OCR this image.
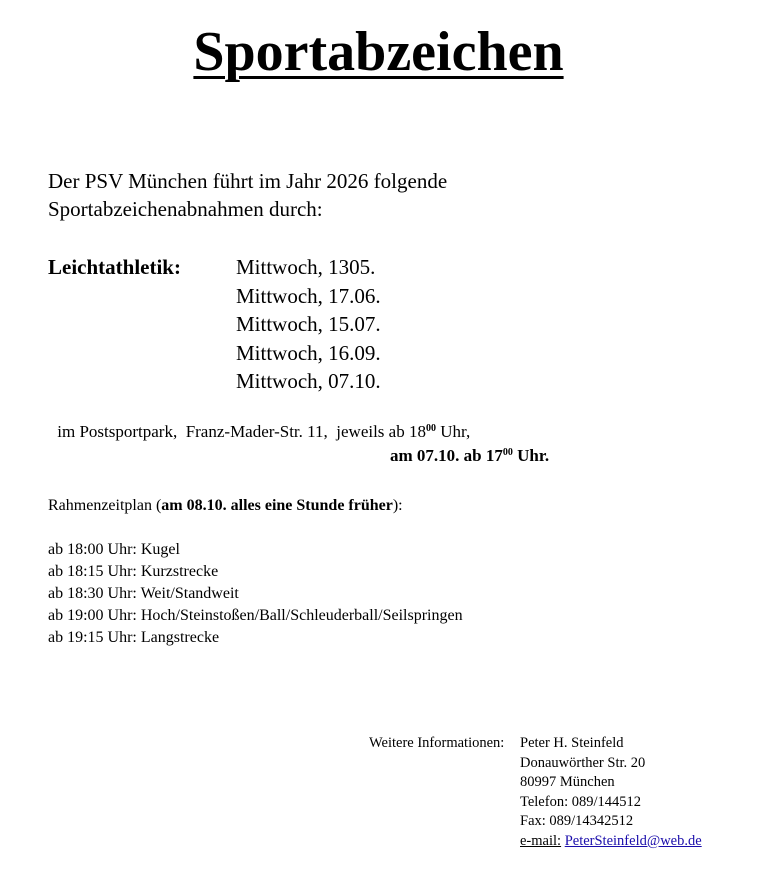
Sportabzeichen
Der PSV München führt im Jahr 2026 folgende
Sportabzeichenabnahmen durch:
Leichtathletik:	Mittwoch, 1305.
Mittwoch, 17.06.
Mittwoch, 15.07.
Mittwoch, 16.09.
Mittwoch, 07.10.
im Postsportpark,  Franz-Mader-Str. 11,  jeweils ab $18^{00}$ Uhr,
am 07.10. ab $17^{00}$ Uhr.
Rahmenzeitplan (am 08.10. alles eine Stunde früher):
ab 18:00 Uhr: Kugel
ab 18:15 Uhr: Kurzstrecke
ab 18:30 Uhr: Weit/Standweit
ab 19:00 Uhr: Hoch/Steinstoßen/Ball/Schleuderball/Seilspringen
ab 19:15 Uhr: Langstrecke
Weitere Informationen: Peter H. Steinfeld
Donauwörther Str. 20
80997 München
Telefon: 089/144512
Fax: 089/14342512
e-mail: PeterSteinfeld@web.de
